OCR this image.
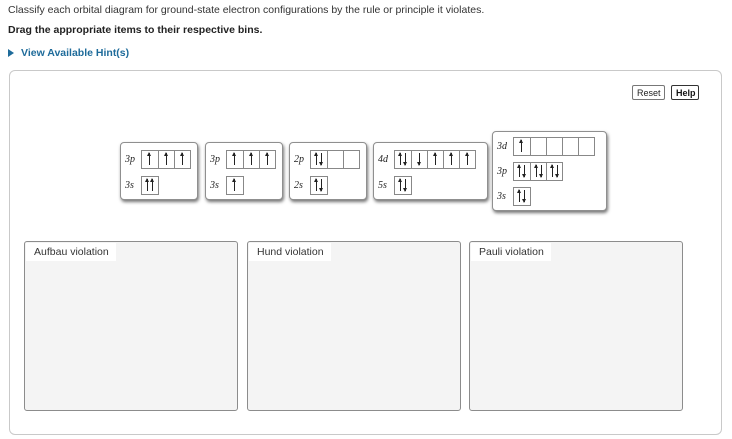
Classify each orbital diagram for ground-state electron configurations by the rule or principle it violates.
Drag the appropriate items to their respective bins.
View Available Hint(s)
Reset	Help
3p
3s
3p
3s
2p
2s
4d
5s
3d
3p
3s
Aufbau violation	Hund violation	Pauli violation
